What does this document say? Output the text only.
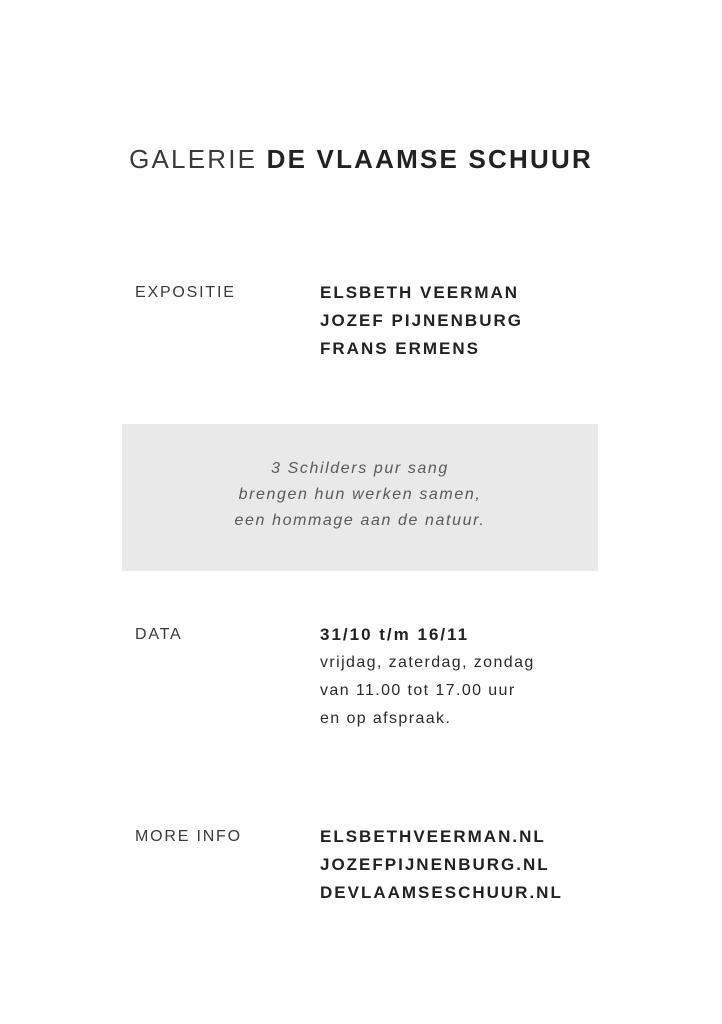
GALERIE DE VLAAMSE SCHUUR
EXPOSITIE	ELSBETH VEERMAN
JOZEF PIJNENBURG
FRANS ERMENS
3 Schilders pur sang
brengen hun werken samen,
een hommage aan de natuur.
DATA	31/10 t/m 16/11
vrijdag, zaterdag, zondag
van 11.00 tot 17.00 uur
en op afspraak.
MORE INFO	ELSBETHVEERMAN.NL
JOZEFPIJNENBURG.NL
DEVLAAMSESCHUUR.NL
